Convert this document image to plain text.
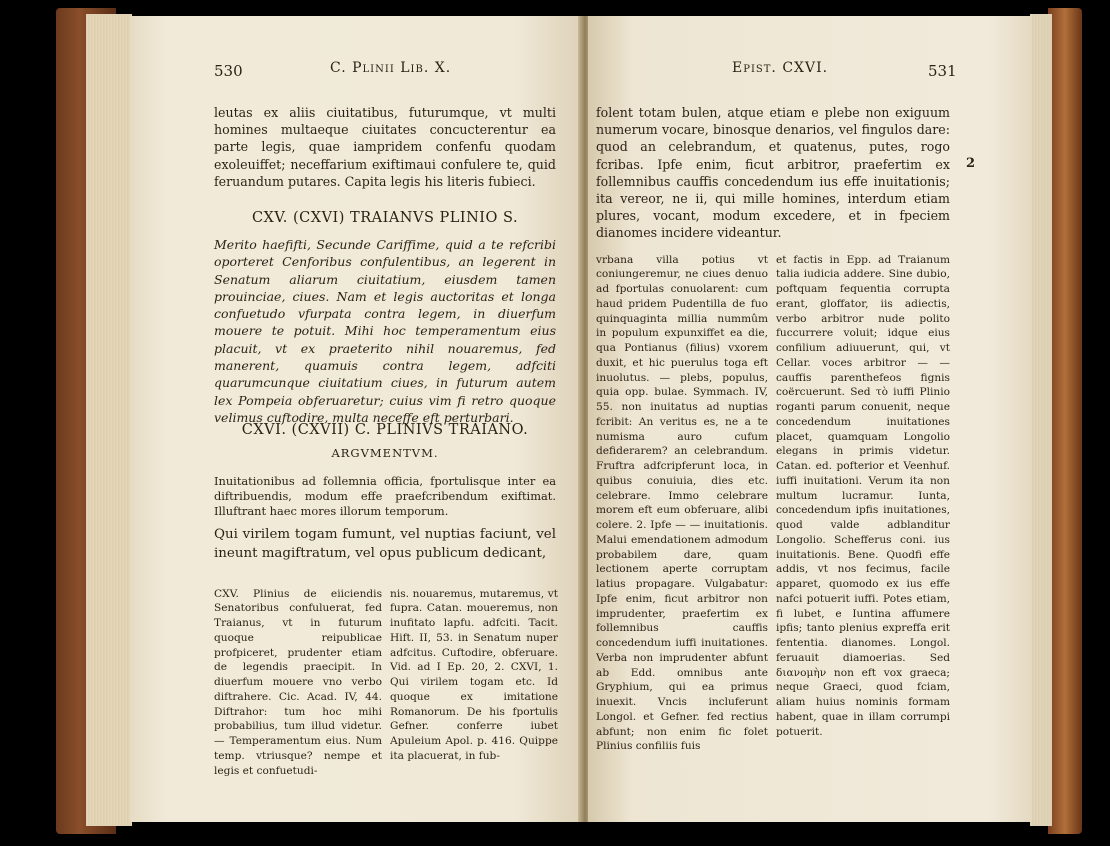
530	C. Plinii Lib. X.

leutas ex aliis ciuitatibus, futurumque, vt multi homines multaeque ciuitates concucterentur ea parte legis, quae iampridem confenfu quodam exoleuiffet; neceffarium exiftimaui confulere te, quid feruandum putares. Capita legis his literis fubieci.

CXV. (CXVI) TRAIANVS PLINIO S.

Merito haefifti, Secunde Cariffime, quid a te refcribi oporteret Cenforibus confulentibus, an legerent in Senatum aliarum ciuitatium, eiusdem tamen prouinciae, ciues. Nam et legis auctoritas et longa confuetudo vfurpata contra legem, in diuerfum mouere te potuit. Mihi hoc temperamentum eius placuit, vt ex praeterito nihil nouaremus, fed manerent, quamuis contra legem, adfciti quarumcunque ciuitatium ciues, in futurum autem lex Pompeia obferuaretur; cuius vim fi retro quoque velimus cuftodire, multa neceffe eft perturbari.

CXVI. (CXVII) C. PLINIVS TRAIANO.
ARGVMENTVM.

Inuitationibus ad follemnia officia, fportulisque inter ea diftribuendis, modum effe praefcribendum exiftimat. Illuftrant haec mores illorum temporum.

Qui virilem togam fumunt, vel nuptias faciunt, vel ineunt magiftratum, vel opus publicum dedicant,

CXV. Plinius de eiiciendis Senatoribus confuluerat, fed Traianus, vt in futurum quoque reipublicae profpiceret, prudenter etiam de legendis praecipit. In diuerfum mouere vno verbo diftrahere. Cic. Acad. IV, 44. Diftrahor: tum hoc mihi probabilius, tum illud videtur. — Temperamentum eius. Num temp. vtriusque? nempe et legis et confuetudi-

nis. nouaremus, mutaremus, vt fupra. Catan. moueremus, non inufitato lapfu. adfciti. Tacit. Hift. II, 53. in Senatum nuper adfcitus. Cuftodire, obferuare. Vid. ad I Ep. 20, 2. CXVI, 1. Qui virilem togam etc. Id quoque ex imitatione Romanorum. De his fportulis Gefner. conferre iubet Apuleium Apol. p. 416. Quippe ita placuerat, in fub-

Epist. CXVI.	531

folent totam bulen, atque etiam e plebe non exiguum numerum vocare, binosque denarios, vel fingulos dare: quod an celebrandum, et quatenus, putes, rogo fcribas. Ipfe enim, ficut arbitror, praefertim ex follemnibus cauffis concedendum ius effe inuitationis; ita vereor, ne ii, qui mille homines, interdum etiam plures, vocant, modum excedere, et in fpeciem dianomes incidere videantur.

2

vrbana villa potius vt coniungeremur, ne ciues denuo ad fportulas conuolarent: cum haud pridem Pudentilla de fuo quinquaginta millia nummûm in populum expunxiffet ea die, qua Pontianus (filius) vxorem duxit, et hic puerulus toga eft inuolutus. — plebs, populus, quia opp. bulae. Symmach. IV, 55. non inuitatus ad nuptias fcribit: An veritus es, ne a te numisma auro cufum defiderarem? an celebrandum. Fruftra adfcripferunt loca, in quibus conuiuia, dies etc. celebrare. Immo celebrare morem eft eum obferuare, alibi colere. 2. Ipfe — — inuitationis. Malui emendationem admodum probabilem dare, quam lectionem aperte corruptam latius propagare. Vulgabatur: Ipfe enim, ficut arbitror non imprudenter, praefertim ex follemnibus cauffis concedendum iuffi inuitationes. Verba non imprudenter abfunt ab Edd. omnibus ante Gryphium, qui ea primus inuexit. Vncis incluferunt Longol. et Gefner. fed rectius abfunt; non enim fic folet Plinius confiliis fuis

et factis in Epp. ad Traianum talia iudicia addere. Sine dubio, poftquam fequentia corrupta erant, gloffator, iis adiectis, verbo arbitror nude polito fuccurrere voluit; idque eius confilium adiuuerunt, qui, vt Cellar. voces arbitror — — cauffis parenthefeos fignis coërcuerunt. Sed τὸ iuffi Plinio roganti parum conuenit, neque concedendum inuitationes placet, quamquam Longolio elegans in primis videtur. Catan. ed. pofterior et Veenhuf. iuffi inuitationi. Verum ita non multum lucramur. Iunta, concedendum ipfis inuitationes, quod valde adblanditur Longolio. Schefferus coni. ius inuitationis. Bene. Quodfi effe addis, vt nos fecimus, facile apparet, quomodo ex ius effe nafci potuerit iuffi. Potes etiam, fi lubet, e Iuntina affumere ipfis; tanto plenius expreffa erit fententia. dianomes. Longol. feruauit diamoerias. Sed διανομὴν non eft vox graeca; neque Graeci, quod fciam, aliam huius nominis formam habent, quae in illam corrumpi potuerit.
